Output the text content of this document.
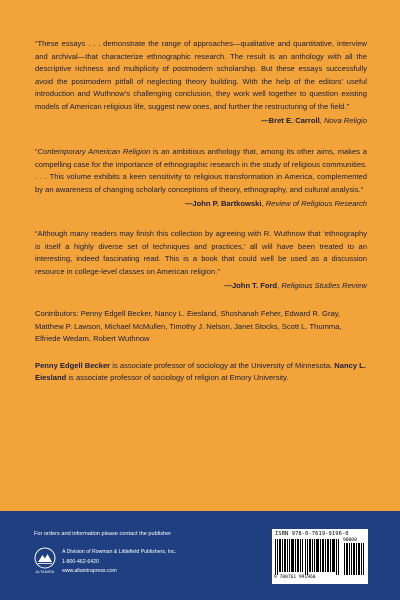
“These essays . . . demonstrate the range of approaches—qualitative and quantitative, interview and archival—that characterize ethnographic research. The result is an anthology with all the descriptive richness and multiplicity of postmodern scholarship. But these essays successfully avoid the postmodern pitfall of neglecting theory building. With the help of the editors’ useful introduction and Wuthnow’s challenging conclusion, they work well together to question existing models of American religious life, suggest new ones, and further the restructuring of the field.”

—Bret E. Carroll, Nova Religio

“Contemporary American Religion is an ambitious anthology that, among its other aims, makes a compelling case for the importance of ethnographic research in the study of religious communities. . . . This volume exhibits a keen sensitivity to religious transformation in America, complemented by an awareness of changing scholarly conceptions of theory, ethnography, and cultural analysis.”

—John P. Bartkowski, Review of Religious Research

“Although many readers may finish this collection by agreeing with R. Wuthnow that ‘ethnography is itself a highly diverse set of techniques and practices,’ all will have been treated to an interesting, indeed fascinating read. This is a book that could well be used as a discussion resource in college-level classes on American religion.”

—John T. Ford, Religious Studies Review

Contributors: Penny Edgell Becker, Nancy L. Eiesland, Shoshanah Feher, Edward R. Gray, Matthew P. Lawson, Michael McMullen, Timothy J. Nelson, Janet Stocks, Scott L. Thumma, Elfriede Wedam, Robert Wuthnow

Penny Edgell Becker is associate professor of sociology at the University of Minnesota. Nancy L. Eiesland is associate professor of sociology of religion at Emory University.

For orders and information please contact the publisher
ALTAMIRA
A Division of Rowman & Littlefield Publishers, Inc.
1-800-462-6420
www.altamirapress.com
ISBN 978-0-7619-9196-0
90000
9 780761 991960
